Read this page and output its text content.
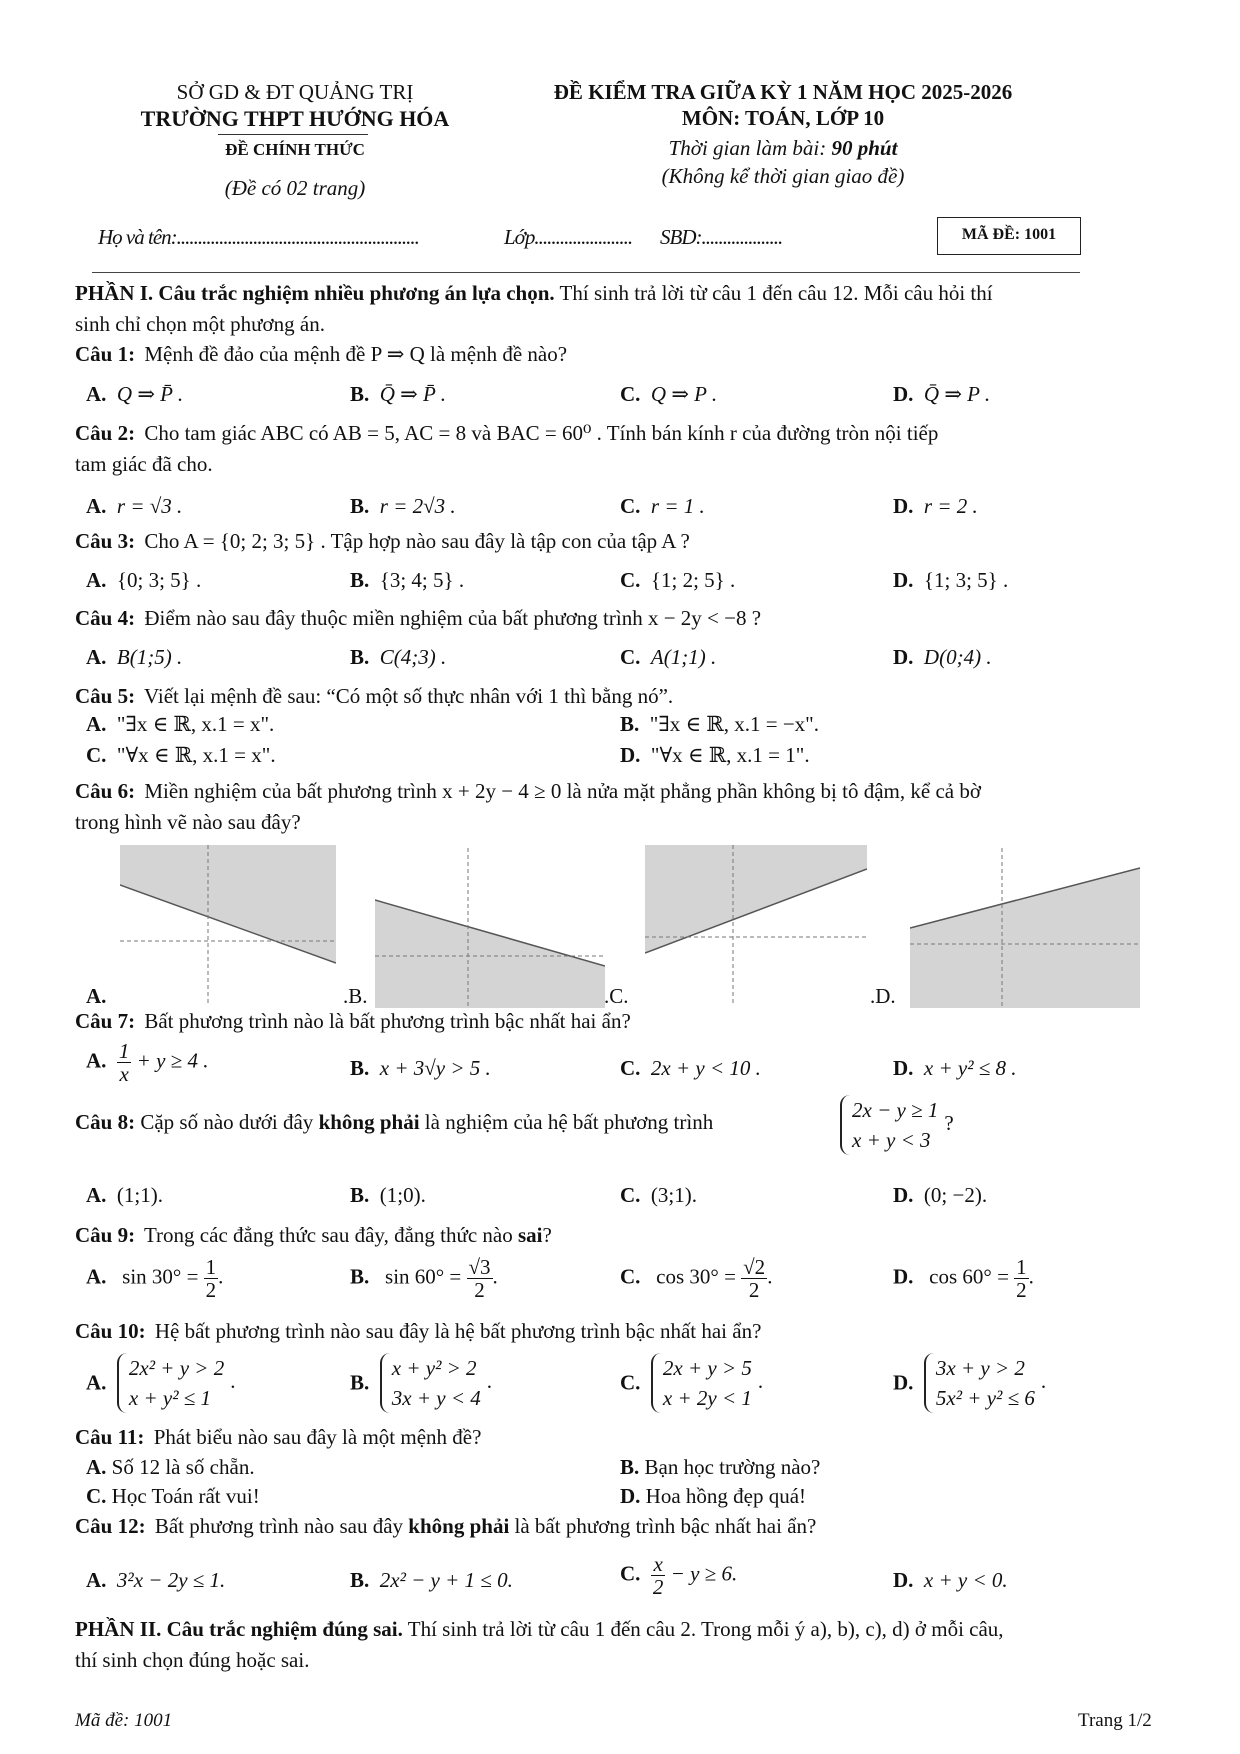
SỞ GD & ĐT QUẢNG TRỊ
TRƯỜNG THPT HƯỚNG HÓA
ĐỀ CHÍNH THỨC
(Đề có 02 trang)
ĐỀ KIỂM TRA GIỮA KỲ 1 NĂM HỌC 2025-2026
MÔN: TOÁN, LỚP 10
Thời gian làm bài: 90 phút
(Không kể thời gian giao đề)
Họ và tên:.........................................................	Lớp....................... SBD:...................	MÃ ĐỀ: 1001
PHẦN I. Câu trắc nghiệm nhiều phương án lựa chọn. Thí sinh trả lời từ câu 1 đến câu 12. Mỗi câu hỏi thí
sinh chỉ chọn một phương án.
Câu 1: Mệnh đề đảo của mệnh đề P ⇒ Q là mệnh đề nào?
A. Q ⇒ P̄ .	B. Q̄ ⇒ P̄ .	C. Q ⇒ P .	D. Q̄ ⇒ P .
Câu 2: Cho tam giác ABC có AB = 5, AC = 8 và BAC = 60⁰ . Tính bán kính r của đường tròn nội tiếp
tam giác đã cho.
A. r = √3 .	B. r = 2√3 .	C. r = 1 .	D. r = 2 .
Câu 3: Cho A = {0; 2; 3; 5} . Tập hợp nào sau đây là tập con của tập A ?
A. {0; 3; 5} .	B. {3; 4; 5} .	C. {1; 2; 5} .	D. {1; 3; 5} .
Câu 4: Điểm nào sau đây thuộc miền nghiệm của bất phương trình x − 2y < −8 ?
A. B(1;5) .	B. C(4;3) .	C. A(1;1) .	D. D(0;4) .
Câu 5: Viết lại mệnh đề sau: “Có một số thực nhân với 1 thì bằng nó”.
A. "∃x ∈ ℝ, x.1 = x".	B. "∃x ∈ ℝ, x.1 = −x".
C. "∀x ∈ ℝ, x.1 = x".	D. "∀x ∈ ℝ, x.1 = 1".
Câu 6: Miền nghiệm của bất phương trình x + 2y − 4 ≥ 0 là nửa mặt phẳng phần không bị tô đậm, kể cả bờ
trong hình vẽ nào sau đây?
A.	.B.	.C.	.D.
Câu 7: Bất phương trình nào là bất phương trình bậc nhất hai ẩn?
A. $\frac{1}{x} + y \ge 4$ .	B. x + 3√y > 5 .	C. 2x + y < 10 .	D. x + y² ≤ 8 .
Câu 8: Cặp số nào dưới đây không phải là nghiệm của hệ bất phương trình	2x − y ≥ 1
x + y < 3?
A. (1;1).	B. (1;0).	C. (3;1).	D. (0; −2).
Câu 9: Trong các đẳng thức sau đây, đẳng thức nào sai?
A. $\sin 30^\circ = \frac{1}{2}$ .	B. $\sin 60^\circ = \frac{√3}{2}$ .	C. $\cos 30^\circ = \frac{√2}{2}$ .	D. $\cos 60^\circ = \frac{1}{2}$ .
Câu 10: Hệ bất phương trình nào sau đây là hệ bất phương trình bậc nhất hai ẩn?
A.  2x² + y > 2
x + y² ≤ 1.	B.  x + y² > 2
3x + y < 4.	C.  2x + y > 5
x + 2y < 1.	D.  3x + y > 2
5x² + y² ≤ 6.
Câu 11: Phát biểu nào sau đây là một mệnh đề?
A. Số 12 là số chẵn.	B. Bạn học trường nào?
C. Học Toán rất vui!	D. Hoa hồng đẹp quá!
Câu 12: Bất phương trình nào sau đây không phải là bất phương trình bậc nhất hai ẩn?
A. 3²x − 2y ≤ 1.	B. 2x² − y + 1 ≤ 0.	C. $\frac{x}{2} - y \ge 6$.	D. x + y < 0.
PHẦN II. Câu trắc nghiệm đúng sai. Thí sinh trả lời từ câu 1 đến câu 2. Trong mỗi ý a), b), c), d) ở mỗi câu,
thí sinh chọn đúng hoặc sai.
Mã đề: 1001	Trang 1/2
